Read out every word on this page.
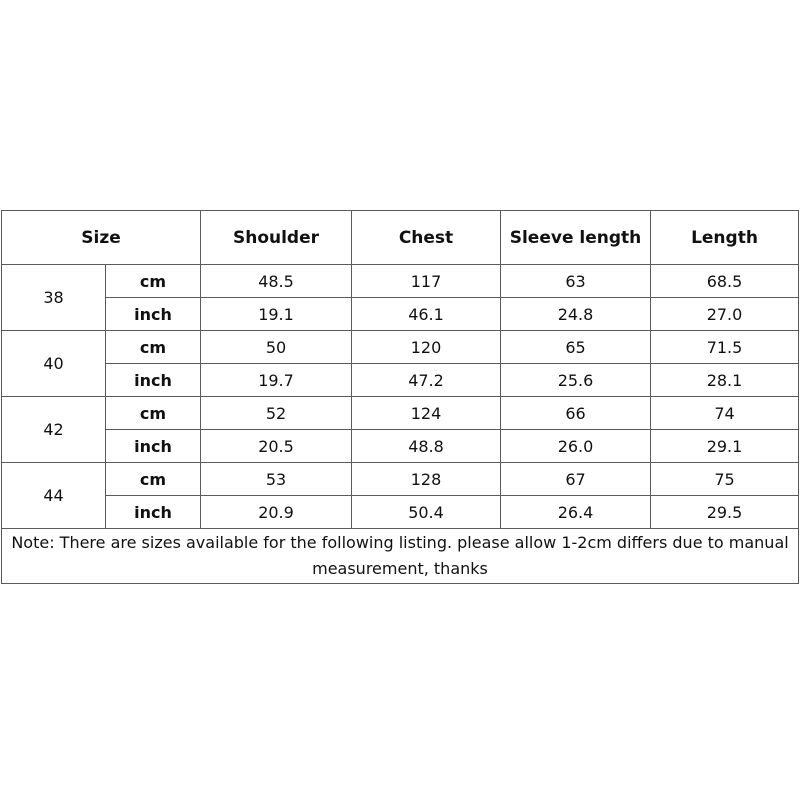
Size		Shoulder	Chest	Sleeve length	Length
38	cm	48.5	117	63	68.5
	inch	19.1	46.1	24.8	27.0
40	cm	50	120	65	71.5
	inch	19.7	47.2	25.6	28.1
42	cm	52	124	66	74
	inch	20.5	48.8	26.0	29.1
44	cm	53	128	67	75
	inch	20.9	50.4	26.4	29.5
Note: There are sizes available for the following listing. please allow 1-2cm differs due to manual measurement, thanks					
